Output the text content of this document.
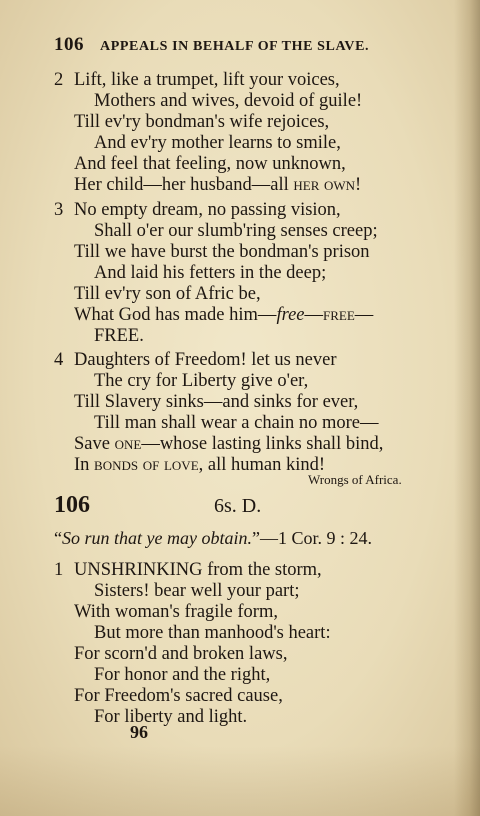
106 APPEALS IN BEHALF OF THE SLAVE.
2 Lift, like a trumpet, lift your voices,
Mothers and wives, devoid of guile!
Till ev'ry bondman's wife rejoices,
And ev'ry mother learns to smile,
And feel that feeling, now unknown,
Her child—her husband—all her own!
3 No empty dream, no passing vision,
Shall o'er our slumb'ring senses creep;
Till we have burst the bondman's prison
And laid his fetters in the deep;
Till ev'ry son of Afric be,
What God has made him—free—free—
FREE.
4 Daughters of Freedom! let us never
The cry for Liberty give o'er,
Till Slavery sinks—and sinks for ever,
Till man shall wear a chain no more—
Save one—whose lasting links shall bind,
In bonds of love, all human kind!
Wrongs of Africa.
106	6s. D.
“So run that ye may obtain.”—1 Cor. 9 : 24.
1 UNSHRINKING from the storm,
Sisters! bear well your part;
With woman's fragile form,
But more than manhood's heart:
For scorn'd and broken laws,
For honor and the right,
For Freedom's sacred cause,
For liberty and light.
96
